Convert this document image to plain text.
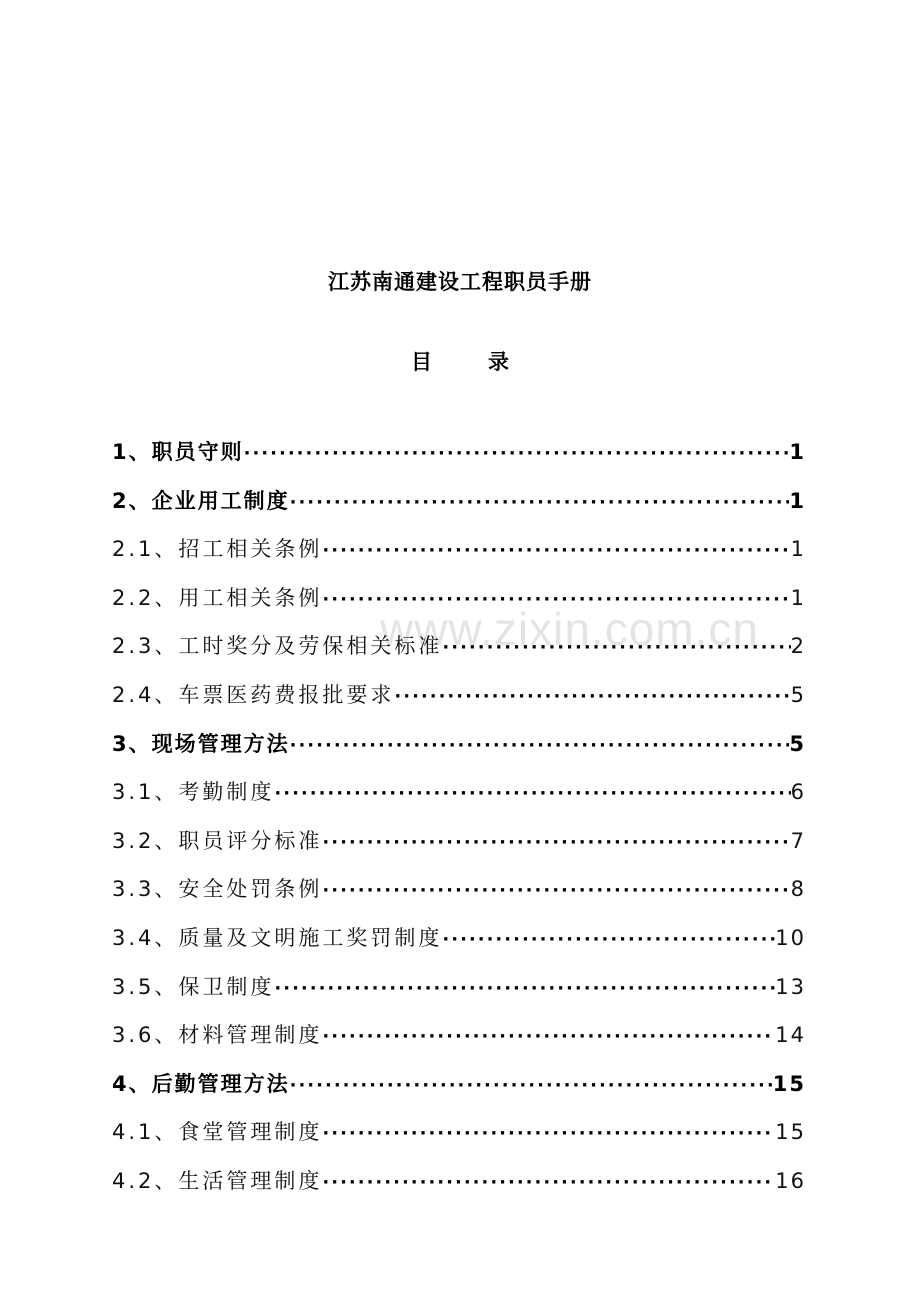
www.zixin.com.cn
江苏南通建设工程职员手册
目录
1、职员守则 ·····	1
2、企业用工制度 ·····	1
2.1、招工相关条例 ·····	1
2.2、用工相关条例 ·····	1
2.3、工时奖分及劳保相关标准 ·····	2
2.4、车票医药费报批要求 ·····	5
3、现场管理方法 ·····	5
3.1、考勤制度 ·····	6
3.2、职员评分标准 ·····	7
3.3、安全处罚条例 ·····	8
3.4、质量及文明施工奖罚制度 ·····	10
3.5、保卫制度 ·····	13
3.6、材料管理制度 ·····	14
4、后勤管理方法 ·····	15
4.1、食堂管理制度 ·····	15
4.2、生活管理制度 ·····	16
